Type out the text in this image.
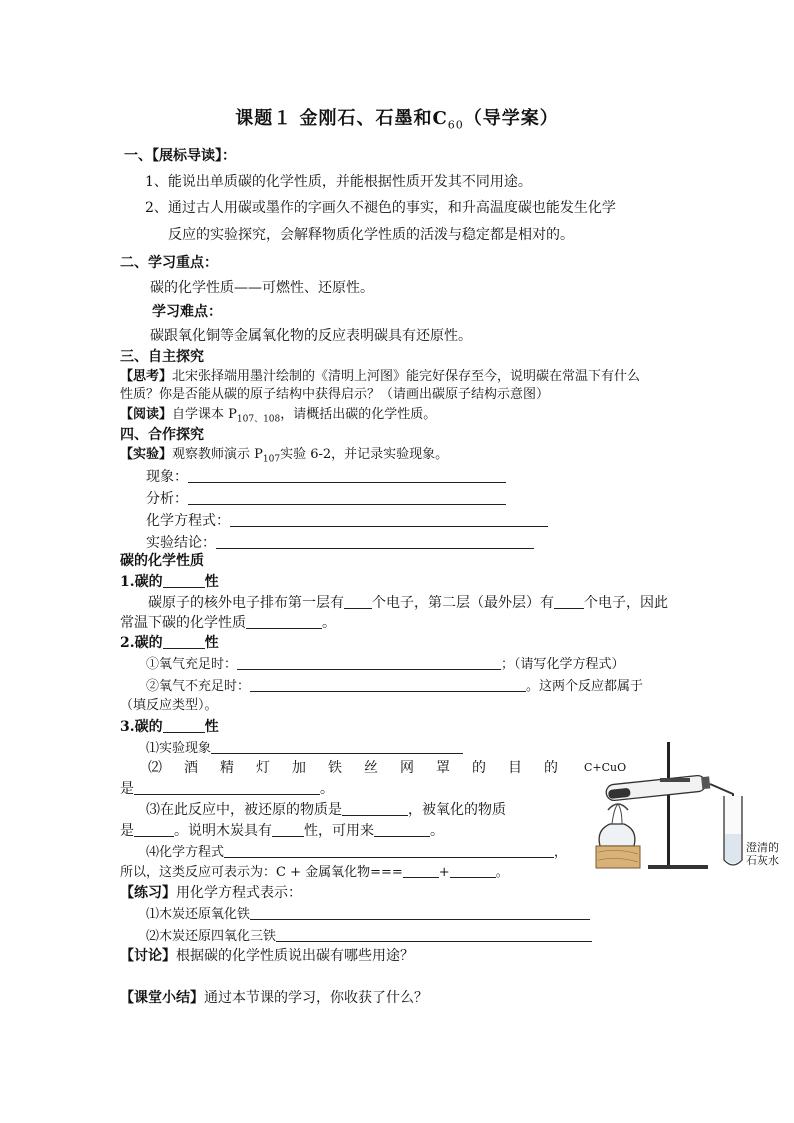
课题１ 金刚石、石墨和$C_{60}$（导学案）
一、【展标导读】：
1、能说出单质碳的化学性质，并能根据性质开发其不同用途。
2、通过古人用碳或墨作的字画久不褪色的事实，和升高温度碳也能发生化学
反应的实验探究，会解释物质化学性质的活泼与稳定都是相对的。
二、学习重点：
碳的化学性质——可燃性、还原性。
学习难点：
碳跟氧化铜等金属氧化物的反应表明碳具有还原性。
三、自主探究
【思考】北宋张择端用墨汁绘制的《清明上河图》能完好保存至今，说明碳在常温下有什么
性质？你是否能从碳的原子结构中获得启示？（请画出碳原子结构示意图）
【阅读】自学课本 $P_{107、108}$，请概括出碳的化学性质。
四、合作探究
【实验】观察教师演示 $P_{107}$实验 6-2，并记录实验现象。
现象：
分析：
化学方程式：
实验结论：
碳的化学性质
1.碳的	性
碳原子的核外电子排布第一层有 个电子，第二层（最外层）有 个电子，因此
常温下碳的化学性质	。
2.碳的	性
①氧气充足时：	；（请写化学方程式）
②氧气不充足时：	。这两个反应都属于
（填反应类型）。
3.碳的	性
⑴实验现象
⑵ 酒 精 灯 加 铁 丝 网 罩 的 目 的
是	。
⑶在此反应中，被还原的物质是	，被氧化的物质
是	。说明木炭具有 性，可用来	。
⑷化学方程式	，
所以，这类反应可表示为：C + 金属氧化物===	+	。
【练习】用化学方程式表示：
⑴木炭还原氧化铁
⑵木炭还原四氧化三铁
【讨论】根据碳的化学性质说出碳有哪些用途？
【课堂小结】通过本节课的学习，你收获了什么？
C+CuO
澄清的
石灰水
